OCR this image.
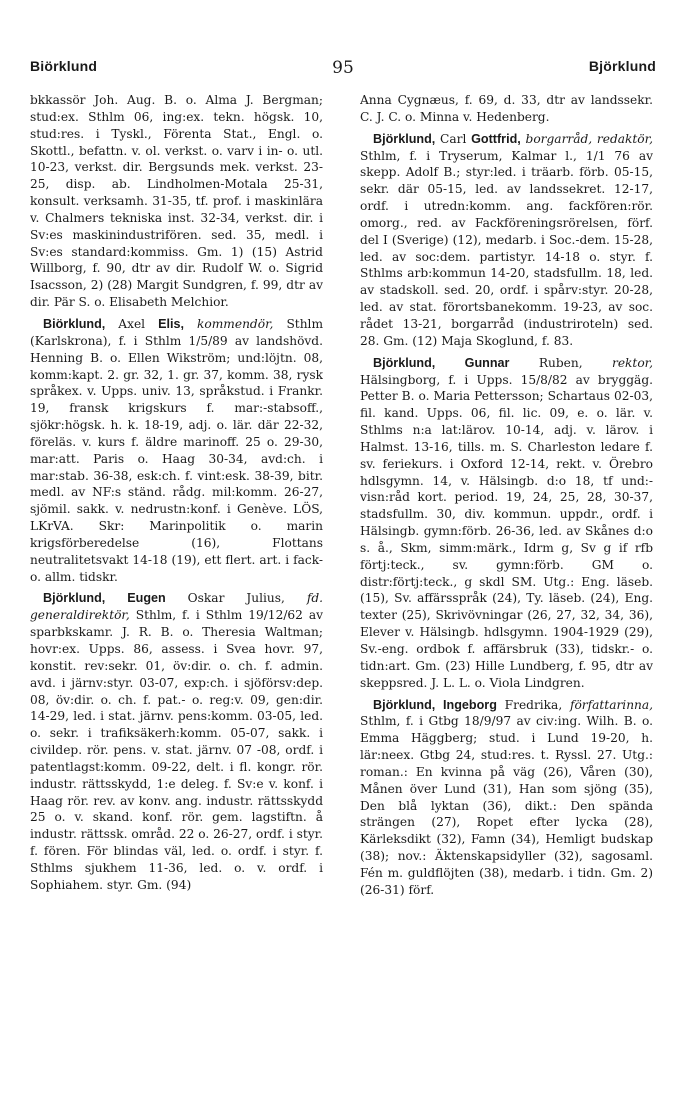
Biörklund	95	Björklund

bkkassör Joh. Aug. B. o. Alma J. Bergman; stud:ex. Sthlm 06, ing:ex. tekn. högsk. 10, stud:res. i Tyskl., Förenta Stat., Engl. o. Skottl., befattn. v. ol. verkst. o. varv i in- o. utl. 10-23, verkst. dir. Bergsunds mek. verkst. 23-25, disp. ab. Lindholmen-Motala 25-31, konsult. verksamh. 31-35, tf. prof. i maskinlära v. Chalmers tekniska inst. 32-34, verkst. dir. i Sv:es maskinindustriförеn. sed. 35, medl. i Sv:es standard:kommiss. Gm. 1) (15) Astrid Willborg, f. 90, dtr av dir. Rudolf W. o. Sigrid Isacsson, 2) (28) Margit Sundgren, f. 99, dtr av dir. Pär S. o. Elisabeth Melchior.

Biörklund, Axel Elis, kommendör, Sthlm (Karlskrona), f. i Sthlm 1/5/89 av landshövd. Henning B. o. Ellen Wikström; und:löjtn. 08, komm:kapt. 2. gr. 32, 1. gr. 37, komm. 38, rysk språkex. v. Upps. univ. 13, språkstud. i Frankr. 19, fransk krigskurs f. mar:-stabsoff., sjökr:högsk. h. k. 18-19, adj. o. lär. där 22-32, föreläs. v. kurs f. äldre marinoff. 25 o. 29-30, mar:att. Paris o. Haag 30-34, avd:ch. i mar:stab. 36-38, esk:ch. f. vint:esk. 38-39, bitr. medl. av NF:s ständ. rådg. mil:komm. 26-27, sjömil. sakk. v. nedrustn:konf. i Genève. LÖS, LKrVA. Skr: Marinpolitik o. marin krigsförberedelse (16), Flottans neutralitetsvakt 14-18 (19), ett flert. art. i fack- o. allm. tidskr.

Björklund, Eugen Oskar Julius, fd. generaldirektör, Sthlm, f. i Sthlm 19/12/62 av sparbkskamr. J. R. B. o. Theresia Waltman; hovr:ex. Upps. 86, assess. i Svea hovr. 97, konstit. rev:sekr. 01, öv:dir. o. ch. f. admin. avd. i järnv:styr. 03-07, exp:ch. i sjöförsv:dep. 08, öv:dir. o. ch. f. pat.- o. reg:v. 09, gen:dir. 14-29, led. i stat. järnv. pens:komm. 03-05, led. o. sekr. i trafiksäkerh:komm. 05-07, sakk. i civildep. rör. pens. v. stat. järnv. 07 -08, ordf. i patentlagst:komm. 09-22, delt. i fl. kongr. rör. industr. rättsskydd, 1:e deleg. f. Sv:e v. konf. i Haag rör. rev. av konv. ang. industr. rättsskydd 25 o. v. skand. konf. rör. gem. lagstiftn. å industr. rättssk. områd. 22 o. 26-27, ordf. i styr. f. fören. För blindas väl, led. o. ordf. i styr. f. Sthlms sjukhem 11-36, led. o. v. ordf. i Sophiahem. styr. Gm. (94)

Anna Cygnæus, f. 69, d. 33, dtr av landssekr. C. J. C. o. Minna v. Hedenberg.

Björklund, Carl Gottfrid, borgarråd, redaktör, Sthlm, f. i Tryserum, Kalmar l., 1/1 76 av skepp. Adolf B.; styr:led. i träarb. förb. 05-15, sekr. där 05-15, led. av landssekret. 12-17, ordf. i utredn:komm. ang. fackförеn:rör. omorg., red. av Fackföreningsrörelsen, förf. del I (Sverige) (12), medarb. i Soc.-dem. 15-28, led. av soc:dem. partistyr. 14-18 o. styr. f. Sthlms arb:kommun 14-20, stadsfullm. 18, led. av stadskoll. sed. 20, ordf. i spårv:styr. 20-28, led. av stat. förortsbanekomm. 19-23, av soc. rådet 13-21, borgarråd (industriroteln) sed. 28. Gm. (12) Maja Skoglund, f. 83.

Björklund, Gunnar Ruben, rektor, Hälsingborg, f. i Upps. 15/8/82 av bryggäg. Petter B. o. Maria Pettersson; Schartaus 02-03, fil. kand. Upps. 06, fil. lic. 09, e. o. lär. v. Sthlms n:a lat:lärov. 10-14, adj. v. lärov. i Halmst. 13-16, tills. m. S. Charleston ledare f. sv. feriekurs. i Oxford 12-14, rekt. v. Örebro hdlsgymn. 14, v. Hälsingb. d:o 18, tf und:-visn:råd kort. period. 19, 24, 25, 28, 30-37, stadsfullm. 30, div. kommun. uppdr., ordf. i Hälsingb. gymn:förb. 26-36, led. av Skånes d:o s. å., Skm, simm:märk., Idrm g, Sv g if rfb förtj:teck., sv. gymn:förb. GM o. distr:förtj:teck., g skdl SM. Utg.: Eng. läseb. (15), Sv. affärsspråk (24), Ty. läseb. (24), Eng. texter (25), Skrivövningar (26, 27, 32, 34, 36), Elever v. Hälsingb. hdlsgymn. 1904-1929 (29), Sv.-eng. ordbok f. affärsbruk (33), tidskr.- o. tidn:art. Gm. (23) Hille Lundberg, f. 95, dtr av skeppsred. J. L. L. o. Viola Lindgren.

Björklund, Ingeborg Fredrika, författarinna, Sthlm, f. i Gtbg 18/9/97 av civ:ing. Wilh. B. o. Emma Häggberg; stud. i Lund 19-20, h. lär:neex. Gtbg 24, stud:res. t. Ryssl. 27. Utg.: roman.: En kvinna på väg (26), Våren (30), Månen över Lund (31), Han som sjöng (35), Den blå lyktan (36), dikt.: Den spända strängen (27), Ropet efter lycka (28), Kärleksdikt (32), Famn (34), Hemligt budskap (38); nov.: Äktenskapsidyller (32), sagosaml. Fén m. guldflöjten (38), medarb. i tidn. Gm. 2) (26-31) förf.
